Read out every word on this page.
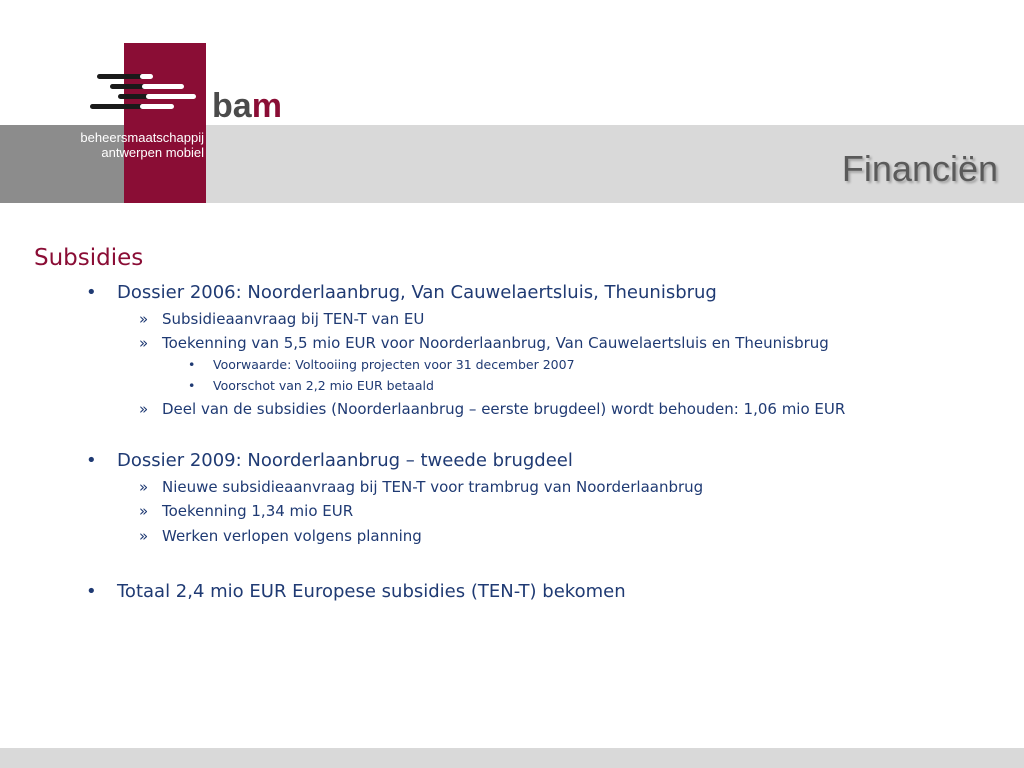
beheersmaatschappij
antwerpen mobiel
bam
Financiën
Subsidies
• Dossier 2006: Noorderlaanbrug, Van Cauwelaertsluis, Theunisbrug
» Subsidieaanvraag bij TEN-T van EU
» Toekenning van 5,5 mio EUR voor Noorderlaanbrug, Van Cauwelaertsluis en Theunisbrug
• Voorwaarde: Voltooiing projecten voor 31 december 2007
• Voorschot van 2,2 mio EUR betaald
» Deel van de subsidies (Noorderlaanbrug – eerste brugdeel) wordt behouden: 1,06 mio EUR
• Dossier 2009: Noorderlaanbrug – tweede brugdeel
» Nieuwe subsidieaanvraag bij TEN-T voor trambrug van Noorderlaanbrug
» Toekenning 1,34 mio EUR
» Werken verlopen volgens planning
• Totaal 2,4 mio EUR Europese subsidies (TEN-T) bekomen
